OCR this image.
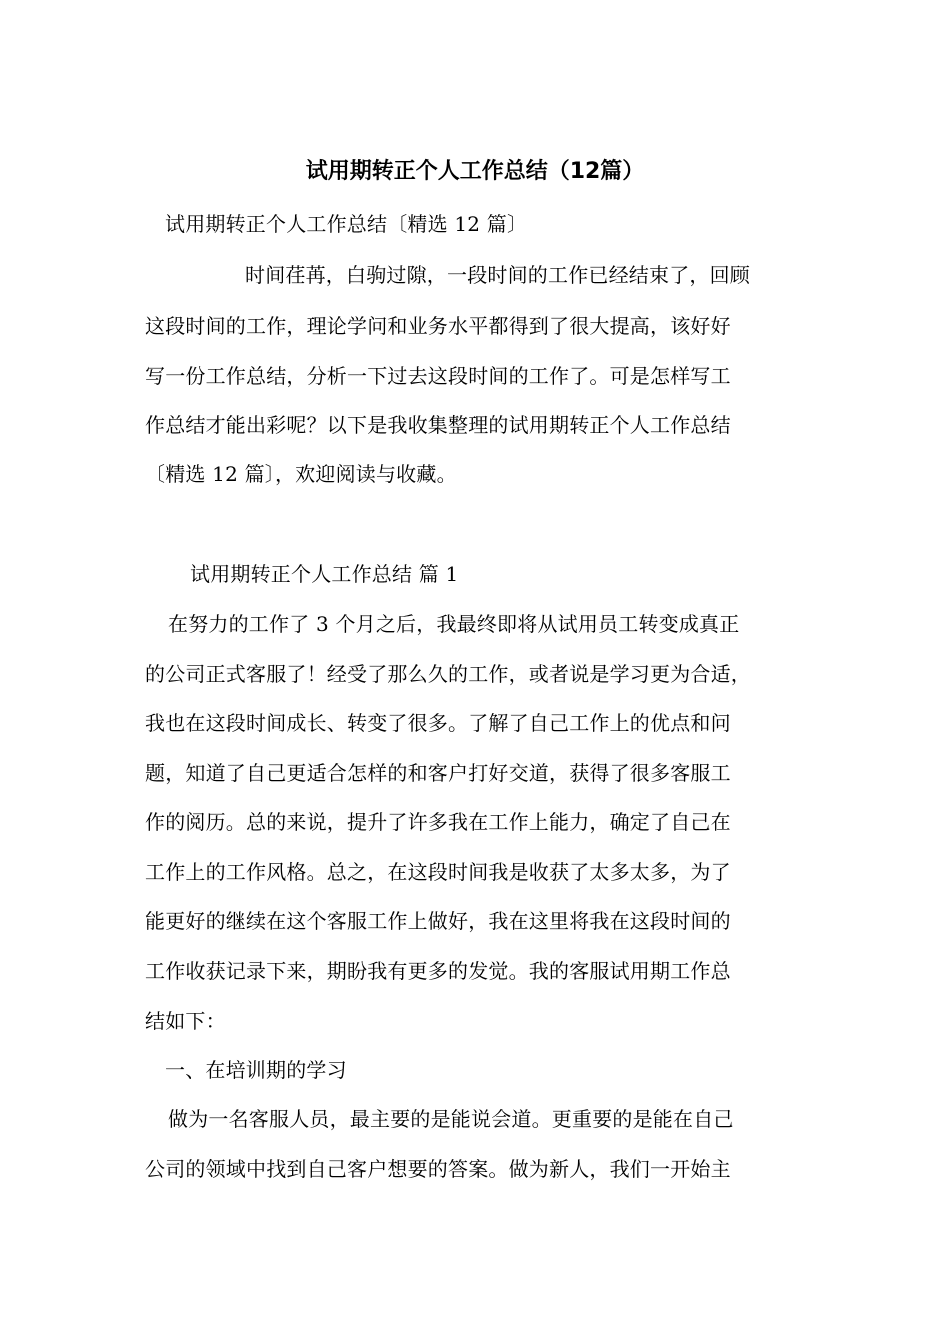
试用期转正个人工作总结（12篇）
试用期转正个人工作总结〔精选 12 篇〕
时间荏苒，白驹过隙，一段时间的工作已经结束了，回顾
这段时间的工作，理论学问和业务水平都得到了很大提高，该好好
写一份工作总结，分析一下过去这段时间的工作了。可是怎样写工
作总结才能出彩呢？以下是我收集整理的试用期转正个人工作总结
〔精选 12 篇〕，欢迎阅读与收藏。
试用期转正个人工作总结 篇 1
在努力的工作了 3 个月之后，我最终即将从试用员工转变成真正
的公司正式客服了！经受了那么久的工作，或者说是学习更为合适，
我也在这段时间成长、转变了很多。了解了自己工作上的优点和问
题，知道了自己更适合怎样的和客户打好交道，获得了很多客服工
作的阅历。总的来说，提升了许多我在工作上能力，确定了自己在
工作上的工作风格。总之，在这段时间我是收获了太多太多，为了
能更好的继续在这个客服工作上做好，我在这里将我在这段时间的
工作收获记录下来，期盼我有更多的发觉。我的客服试用期工作总
结如下：
一、在培训期的学习
做为一名客服人员，最主要的是能说会道。更重要的是能在自己
公司的领域中找到自己客户想要的答案。做为新人，我们一开始主
